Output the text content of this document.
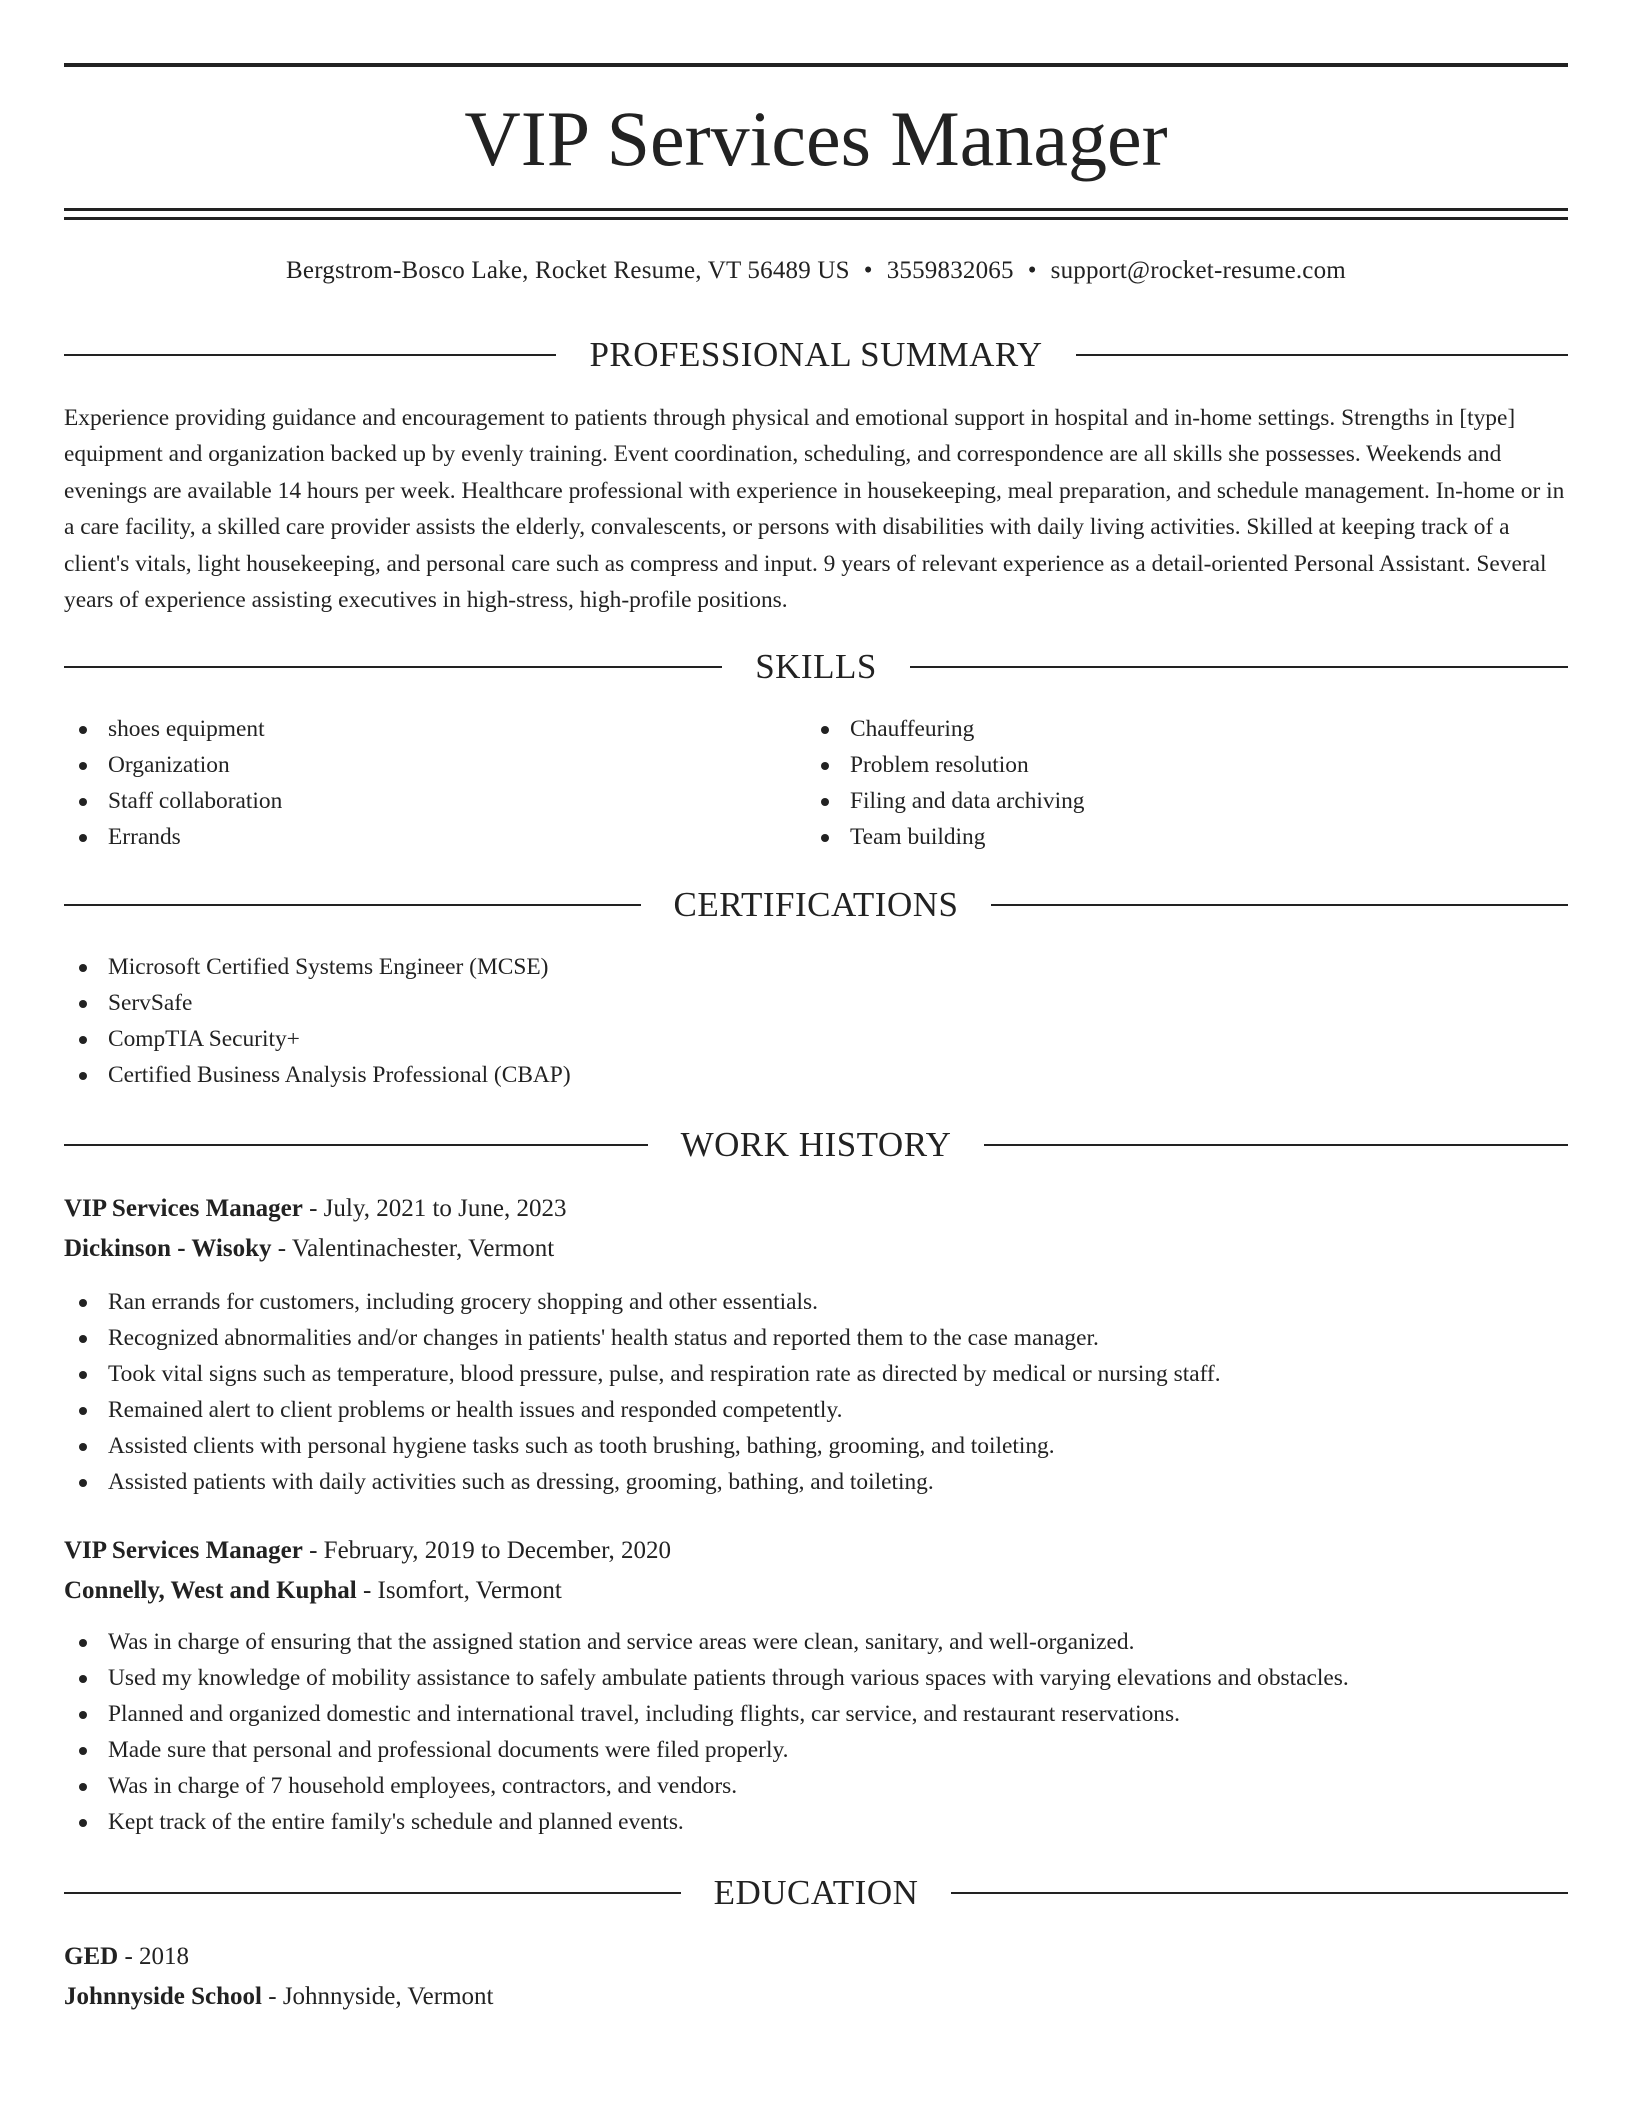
VIP Services Manager
Bergstrom-Bosco Lake, Rocket Resume, VT 56489 US • 3559832065 • support@rocket-resume.com
PROFESSIONAL SUMMARY

Experience providing guidance and encouragement to patients through physical and emotional support in hospital and in-home settings. Strengths in [type] equipment and organization backed up by evenly training. Event coordination, scheduling, and correspondence are all skills she possesses. Weekends and evenings are available 14 hours per week. Healthcare professional with experience in housekeeping, meal preparation, and schedule management. In-home or in a care facility, a skilled care provider assists the elderly, convalescents, or persons with disabilities with daily living activities. Skilled at keeping track of a client's vitals, light housekeeping, and personal care such as compress and input. 9 years of relevant experience as a detail-oriented Personal Assistant. Several years of experience assisting executives in high-stress, high-profile positions.

SKILLS
shoes equipment
Organization
Staff collaboration
Errands
Chauffeuring
Problem resolution
Filing and data archiving
Team building
CERTIFICATIONS
Microsoft Certified Systems Engineer (MCSE)
ServSafe
CompTIA Security+
Certified Business Analysis Professional (CBAP)
WORK HISTORY
VIP Services Manager - July, 2021 to June, 2023
Dickinson - Wisoky - Valentinachester, Vermont
Ran errands for customers, including grocery shopping and other essentials.
Recognized abnormalities and/or changes in patients' health status and reported them to the case manager.
Took vital signs such as temperature, blood pressure, pulse, and respiration rate as directed by medical or nursing staff.
Remained alert to client problems or health issues and responded competently.
Assisted clients with personal hygiene tasks such as tooth brushing, bathing, grooming, and toileting.
Assisted patients with daily activities such as dressing, grooming, bathing, and toileting.
VIP Services Manager - February, 2019 to December, 2020
Connelly, West and Kuphal - Isomfort, Vermont
Was in charge of ensuring that the assigned station and service areas were clean, sanitary, and well-organized.
Used my knowledge of mobility assistance to safely ambulate patients through various spaces with varying elevations and obstacles.
Planned and organized domestic and international travel, including flights, car service, and restaurant reservations.
Made sure that personal and professional documents were filed properly.
Was in charge of 7 household employees, contractors, and vendors.
Kept track of the entire family's schedule and planned events.
EDUCATION
GED - 2018
Johnnyside School - Johnnyside, Vermont
